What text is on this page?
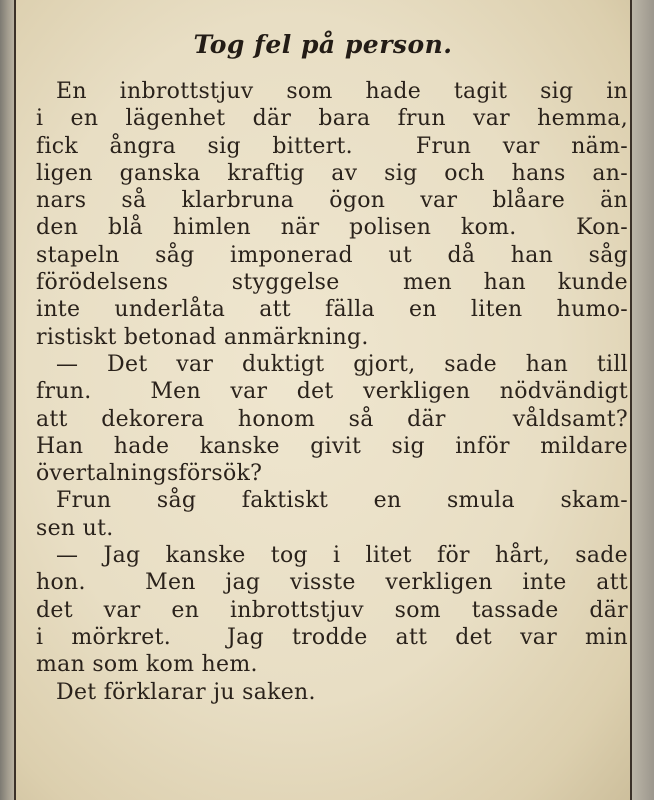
Tog fel på person.
En inbrottstjuv som hade tagit sig in
i en lägenhet där bara frun var hemma,
fick ångra sig bittert.  Frun var näm-
ligen ganska kraftig av sig och hans an-
nars så klarbruna ögon var blåare än
den blå himlen när polisen kom.  Kon-
stapeln såg imponerad ut då han såg
förödelsens  styggelse  men han kunde
inte underlåta att fälla en liten humo-
ristiskt betonad anmärkning.
— Det var duktigt gjort, sade han till
frun.  Men var det verkligen nödvändigt
att dekorera honom så där  våldsamt?
Han hade kanske givit sig inför mildare
övertalningsförsök?
Frun  såg  faktiskt  en  smula  skam-
sen ut.
— Jag kanske tog i litet för hårt, sade
hon.  Men jag visste verkligen inte att
det var en inbrottstjuv som tassade där
i mörkret.  Jag trodde att det var min
man som kom hem.
Det förklarar ju saken.
